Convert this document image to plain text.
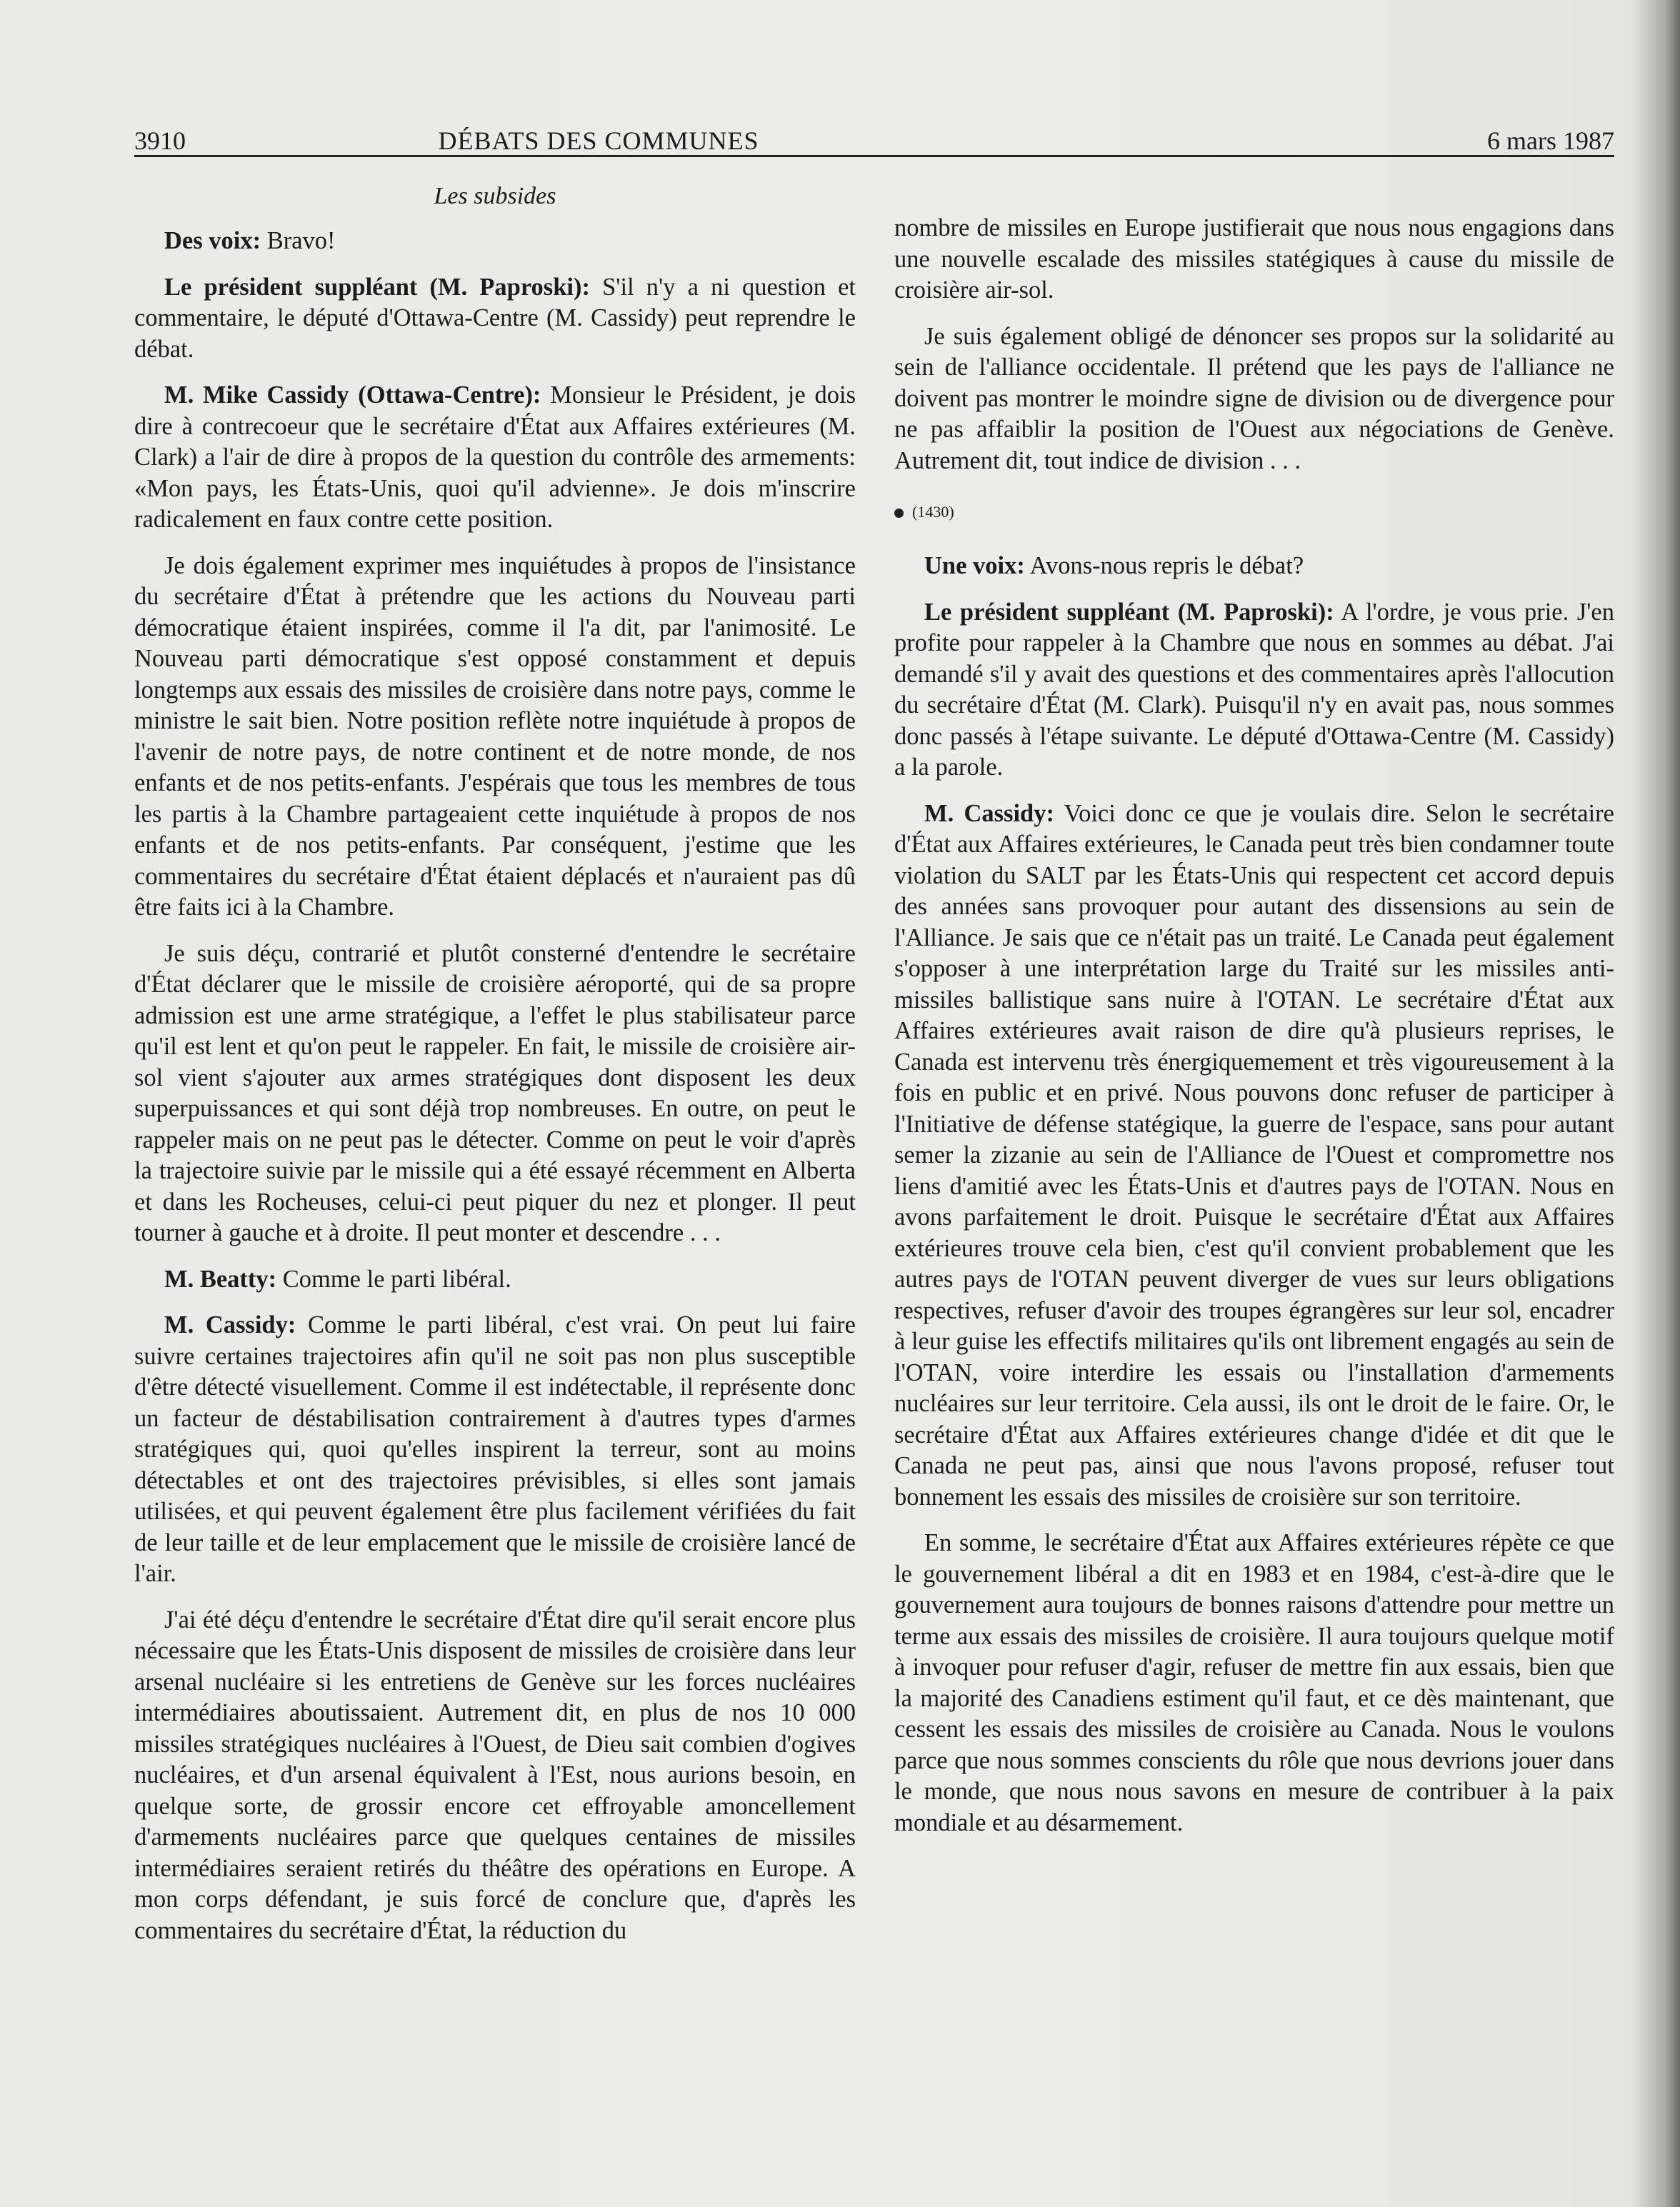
3910	DÉBATS DES COMMUNES	6 mars 1987
Les subsides

Des voix: Bravo!

Le président suppléant (M. Paproski): S'il n'y a ni question et commentaire, le député d'Ottawa-Centre (M. Cassidy) peut reprendre le débat.

M. Mike Cassidy (Ottawa-Centre): Monsieur le Président, je dois dire à contrecoeur que le secrétaire d'État aux Affaires extérieures (M. Clark) a l'air de dire à propos de la question du contrôle des armements: «Mon pays, les États-Unis, quoi qu'il advienne». Je dois m'inscrire radicalement en faux contre cette position.

Je dois également exprimer mes inquiétudes à propos de l'insistance du secrétaire d'État à prétendre que les actions du Nouveau parti démocratique étaient inspirées, comme il l'a dit, par l'animosité. Le Nouveau parti démocratique s'est opposé constamment et depuis longtemps aux essais des missiles de croisière dans notre pays, comme le ministre le sait bien. Notre position reflète notre inquiétude à propos de l'avenir de notre pays, de notre continent et de notre monde, de nos enfants et de nos petits-enfants. J'espérais que tous les membres de tous les partis à la Chambre partageaient cette inquiétude à propos de nos enfants et de nos petits-enfants. Par conséquent, j'estime que les commentaires du secrétaire d'État étaient déplacés et n'auraient pas dû être faits ici à la Chambre.

Je suis déçu, contrarié et plutôt consterné d'entendre le secrétaire d'État déclarer que le missile de croisière aéroporté, qui de sa propre admission est une arme stratégique, a l'effet le plus stabilisateur parce qu'il est lent et qu'on peut le rappeler. En fait, le missile de croisière air-sol vient s'ajouter aux armes stratégiques dont disposent les deux superpuissances et qui sont déjà trop nombreuses. En outre, on peut le rappeler mais on ne peut pas le détecter. Comme on peut le voir d'après la trajectoire suivie par le missile qui a été essayé récemment en Alberta et dans les Rocheuses, celui-ci peut piquer du nez et plonger. Il peut tourner à gauche et à droite. Il peut monter et descendre . . .

M. Beatty: Comme le parti libéral.

M. Cassidy: Comme le parti libéral, c'est vrai. On peut lui faire suivre certaines trajectoires afin qu'il ne soit pas non plus susceptible d'être détecté visuellement. Comme il est indétectable, il représente donc un facteur de déstabilisation contrairement à d'autres types d'armes stratégiques qui, quoi qu'elles inspirent la terreur, sont au moins détectables et ont des trajectoires prévisibles, si elles sont jamais utilisées, et qui peuvent également être plus facilement vérifiées du fait de leur taille et de leur emplacement que le missile de croisière lancé de l'air.

J'ai été déçu d'entendre le secrétaire d'État dire qu'il serait encore plus nécessaire que les États-Unis disposent de missiles de croisière dans leur arsenal nucléaire si les entretiens de Genève sur les forces nucléaires intermédiaires aboutissaient. Autrement dit, en plus de nos 10 000 missiles stratégiques nucléaires à l'Ouest, de Dieu sait combien d'ogives nucléaires, et d'un arsenal équivalent à l'Est, nous aurions besoin, en quelque sorte, de grossir encore cet effroyable amoncellement d'armements nucléaires parce que quelques centaines de missiles intermédiaires seraient retirés du théâtre des opérations en Europe. A mon corps défendant, je suis forcé de conclure que, d'après les commentaires du secrétaire d'État, la réduction du

nombre de missiles en Europe justifierait que nous nous engagions dans une nouvelle escalade des missiles statégiques à cause du missile de croisière air-sol.

Je suis également obligé de dénoncer ses propos sur la solidarité au sein de l'alliance occidentale. Il prétend que les pays de l'alliance ne doivent pas montrer le moindre signe de division ou de divergence pour ne pas affaiblir la position de l'Ouest aux négociations de Genève. Autrement dit, tout indice de division . . .

(1430)

Une voix: Avons-nous repris le débat?

Le président suppléant (M. Paproski): A l'ordre, je vous prie. J'en profite pour rappeler à la Chambre que nous en sommes au débat. J'ai demandé s'il y avait des questions et des commentaires après l'allocution du secrétaire d'État (M. Clark). Puisqu'il n'y en avait pas, nous sommes donc passés à l'étape suivante. Le député d'Ottawa-Centre (M. Cassidy) a la parole.

M. Cassidy: Voici donc ce que je voulais dire. Selon le secrétaire d'État aux Affaires extérieures, le Canada peut très bien condamner toute violation du SALT par les États-Unis qui respectent cet accord depuis des années sans provoquer pour autant des dissensions au sein de l'Alliance. Je sais que ce n'était pas un traité. Le Canada peut également s'opposer à une interprétation large du Traité sur les missiles anti-missiles ballistique sans nuire à l'OTAN. Le secrétaire d'État aux Affaires extérieures avait raison de dire qu'à plusieurs reprises, le Canada est intervenu très énergiquemement et très vigoureusement à la fois en public et en privé. Nous pouvons donc refuser de participer à l'Initiative de défense statégique, la guerre de l'espace, sans pour autant semer la zizanie au sein de l'Alliance de l'Ouest et compromettre nos liens d'amitié avec les États-Unis et d'autres pays de l'OTAN. Nous en avons parfaitement le droit. Puisque le secrétaire d'État aux Affaires extérieures trouve cela bien, c'est qu'il convient probablement que les autres pays de l'OTAN peuvent diverger de vues sur leurs obligations respectives, refuser d'avoir des troupes égrangères sur leur sol, encadrer à leur guise les effectifs militaires qu'ils ont librement engagés au sein de l'OTAN, voire interdire les essais ou l'installation d'armements nucléaires sur leur territoire. Cela aussi, ils ont le droit de le faire. Or, le secrétaire d'État aux Affaires extérieures change d'idée et dit que le Canada ne peut pas, ainsi que nous l'avons proposé, refuser tout bonnement les essais des missiles de croisière sur son territoire.

En somme, le secrétaire d'État aux Affaires extérieures répète ce que le gouvernement libéral a dit en 1983 et en 1984, c'est-à-dire que le gouvernement aura toujours de bonnes raisons d'attendre pour mettre un terme aux essais des missiles de croisière. Il aura toujours quelque motif à invoquer pour refuser d'agir, refuser de mettre fin aux essais, bien que la majorité des Canadiens estiment qu'il faut, et ce dès maintenant, que cessent les essais des missiles de croisière au Canada. Nous le voulons parce que nous sommes conscients du rôle que nous devrions jouer dans le monde, que nous nous savons en mesure de contribuer à la paix mondiale et au désarmement.
